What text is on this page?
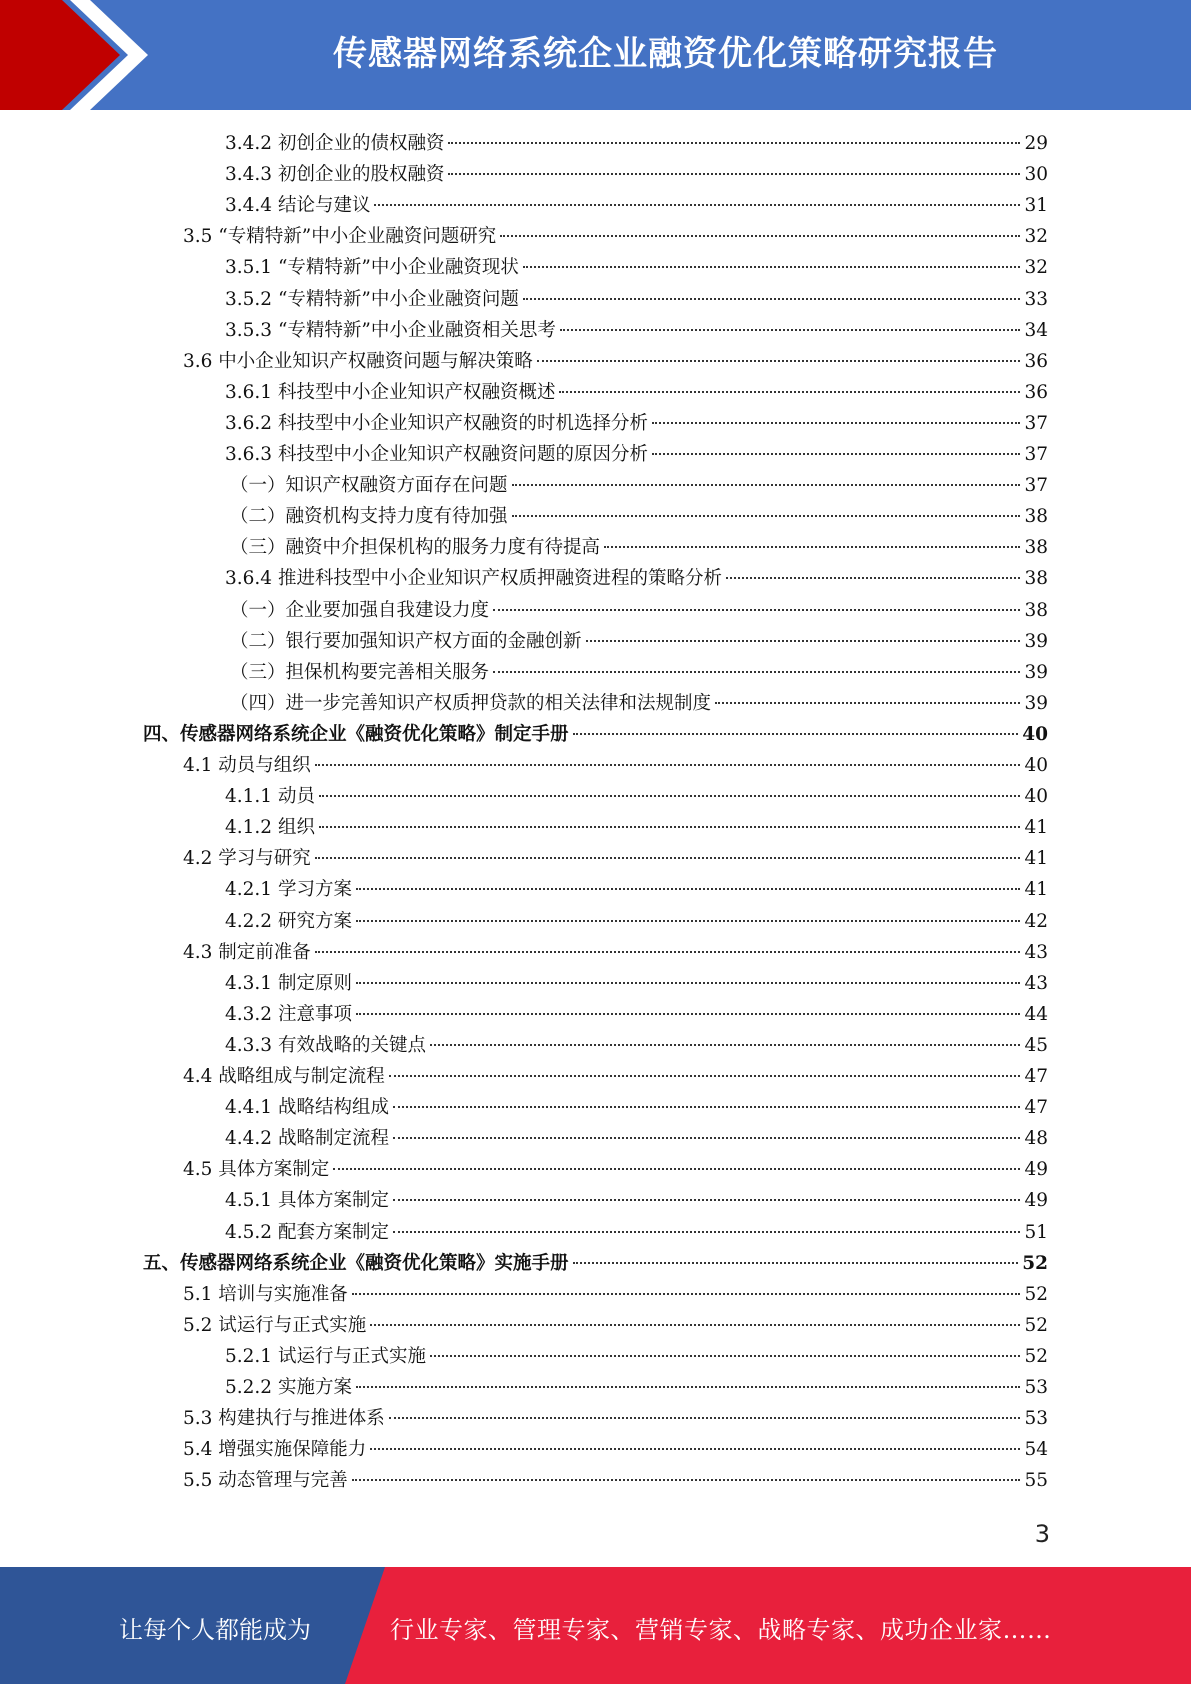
传感器网络系统企业融资优化策略研究报告
3.4.2 初创企业的债权融资	29
3.4.3 初创企业的股权融资	30
3.4.4 结论与建议	31
3.5 “专精特新”中小企业融资问题研究	32
3.5.1 “专精特新”中小企业融资现状	32
3.5.2 “专精特新”中小企业融资问题	33
3.5.3 “专精特新”中小企业融资相关思考	34
3.6 中小企业知识产权融资问题与解决策略	36
3.6.1 科技型中小企业知识产权融资概述	36
3.6.2 科技型中小企业知识产权融资的时机选择分析	37
3.6.3 科技型中小企业知识产权融资问题的原因分析	37
（一）知识产权融资方面存在问题	37
（二）融资机构支持力度有待加强	38
（三）融资中介担保机构的服务力度有待提高	38
3.6.4 推进科技型中小企业知识产权质押融资进程的策略分析	38
（一）企业要加强自我建设力度	38
（二）银行要加强知识产权方面的金融创新	39
（三）担保机构要完善相关服务	39
（四）进一步完善知识产权质押贷款的相关法律和法规制度	39
四、传感器网络系统企业《融资优化策略》制定手册	40
4.1 动员与组织	40
4.1.1 动员	40
4.1.2 组织	41
4.2 学习与研究	41
4.2.1 学习方案	41
4.2.2 研究方案	42
4.3 制定前准备	43
4.3.1 制定原则	43
4.3.2 注意事项	44
4.3.3 有效战略的关键点	45
4.4 战略组成与制定流程	47
4.4.1 战略结构组成	47
4.4.2 战略制定流程	48
4.5 具体方案制定	49
4.5.1 具体方案制定	49
4.5.2 配套方案制定	51
五、传感器网络系统企业《融资优化策略》实施手册	52
5.1 培训与实施准备	52
5.2 试运行与正式实施	52
5.2.1 试运行与正式实施	52
5.2.2 实施方案	53
5.3 构建执行与推进体系	53
5.4 增强实施保障能力	54
5.5 动态管理与完善	55
3
让每个人都能成为	行业专家、管理专家、营销专家、战略专家、成功企业家……
